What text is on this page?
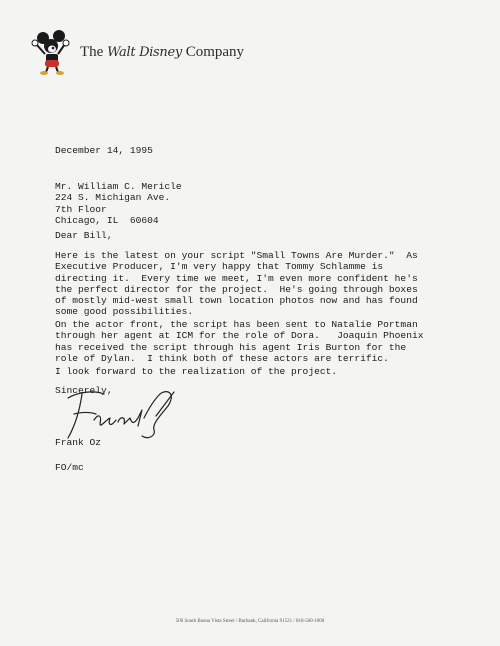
The Walt Disney Company
December 14, 1995
Mr. William C. Mericle
224 S. Michigan Ave.
7th Floor
Chicago, IL  60604
Dear Bill,
Here is the latest on your script "Small Towns Are Murder."  As
Executive Producer, I'm very happy that Tommy Schlamme is
directing it.  Every time we meet, I'm even more confident he's
the perfect director for the project.  He's going through boxes
of mostly mid-west small town location photos now and has found
some good possibilities.
On the actor front, the script has been sent to Natalie Portman
through her agent at ICM for the role of Dora.   Joaquin Phoenix
has received the script through his agent Iris Burton for the
role of Dylan.  I think both of these actors are terrific.
I look forward to the realization of the project.
Sincerely,
Frank Oz
FO/mc
500 South Buena Vista Street / Burbank, California 91521 / 818-560-1000
